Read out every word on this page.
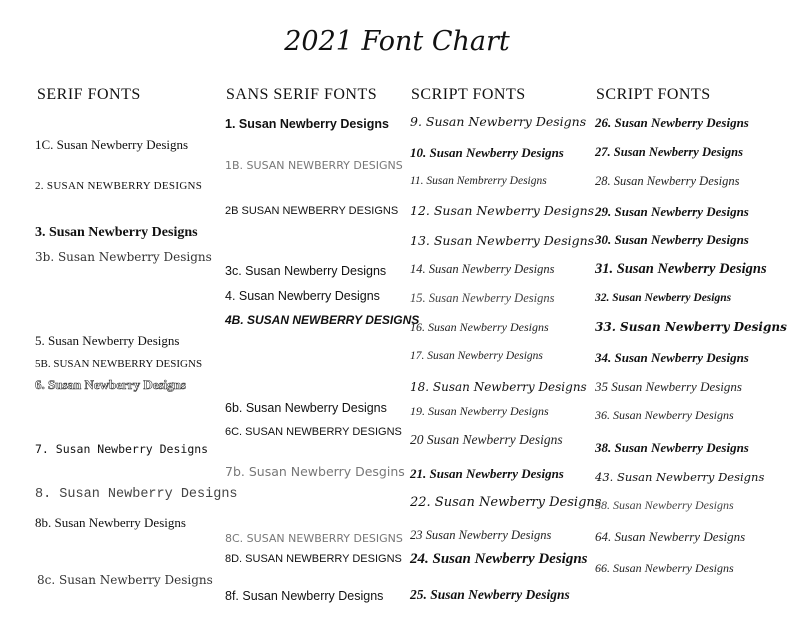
2021 Font Chart
SERIF FONTS	SANS SERIF FONTS SCRIPT FONTS	SCRIPT FONTS
1C. Susan Newberry Designs
2. SUSAN NEWBERRY DESIGNS
3. Susan Newberry Designs
3b. Susan Newberry Designs
5. Susan Newberry Designs
5B. SUSAN NEWBERRY DESIGNS
6. Susan Newberry Designs
7. Susan Newberry Designs
8. Susan Newberry Designs
8b. Susan Newberry Designs
8c. Susan Newberry Designs
1. Susan Newberry Designs
1B. SUSAN NEWBERRY DESIGNS
2B SUSAN NEWBERRY DESIGNS
3c. Susan Newberry Designs
4. Susan Newberry Designs
4B. SUSAN NEWBERRY DESIGNS
6b. Susan Newberry Designs
6C. SUSAN NEWBERRY DESIGNS
7b. Susan Newberry Desgins
8C. SUSAN NEWBERRY DESIGNS
8D. SUSAN NEWBERRY DESIGNS
8f. Susan Newberry Designs
9. Susan Newberry Designs
10. Susan Newberry Designs
11. Susan Nembrerry Designs
12. Susan Newberry Designs
13. Susan Newberry Designs
14. Susan Newberry Designs
15. Susan Newberry Designs
16. Susan Newberry Designs
17. Susan Newberry Designs
18. Susan Newberry Designs
19. Susan Newberry Designs
20 Susan Newberry Designs
21. Susan Newberry Designs
22. Susan Newberry Designs
23 Susan Newberry Designs
24. Susan Newberry Designs
25. Susan Newberry Designs
26. Susan Newberry Designs
27. Susan Newberry Designs
28. Susan Newberry Designs
29. Susan Newberry Designs
30. Susan Newberry Designs
31. Susan Newberry Designs
32. Susan Newberry Designs
33. Susan Newberry Designs
34. Susan Newberry Designs
35 Susan Newberry Designs
36. Susan Newberry Designs
38. Susan Newberry Designs
43. Susan Newberry Designs
58. Susan Newberry Designs
64. Susan Newberry Designs
66. Susan Newberry Designs
